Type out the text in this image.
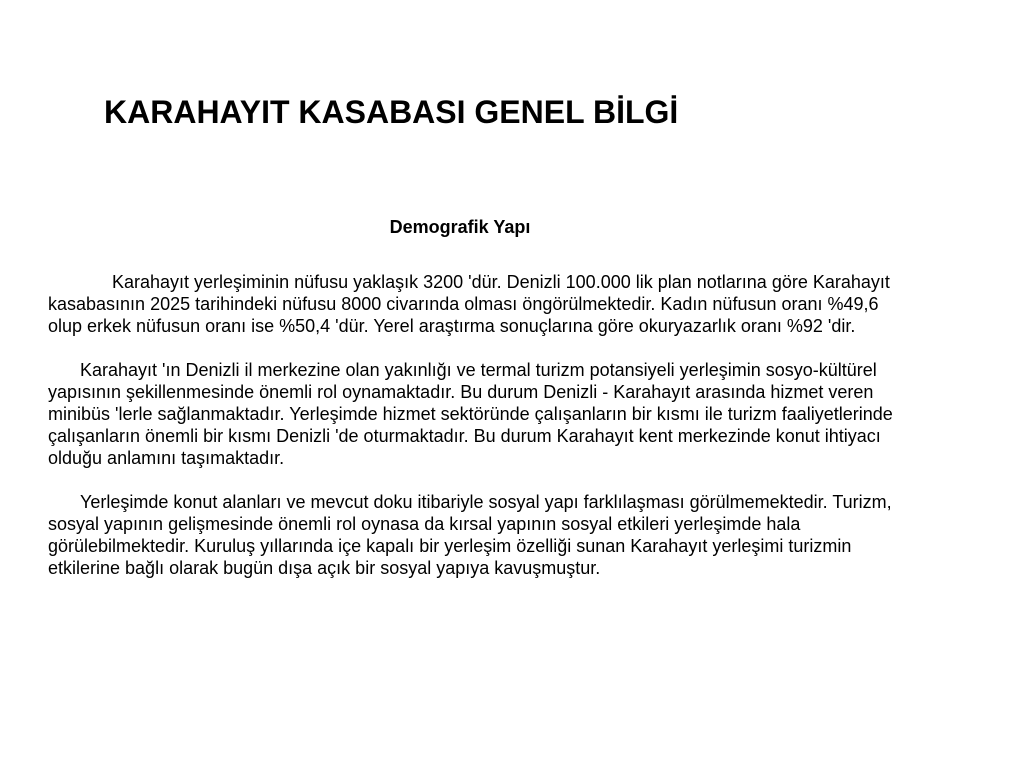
KARAHAYIT KASABASI GENEL BİLGİ
Demografik Yapı

Karahayıt yerleşiminin nüfusu yaklaşık 3200 'dür. Denizli 100.000 lik plan notlarına göre Karahayıt kasabasının 2025 tarihindeki nüfusu 8000 civarında olması öngörülmektedir. Kadın nüfusun oranı %49,6 olup erkek nüfusun oranı ise %50,4 'dür. Yerel araştırma sonuçlarına göre okuryazarlık oranı %92 'dir.

Karahayıt 'ın Denizli il merkezine olan yakınlığı ve termal turizm potansiyeli yerleşimin sosyo-kültürel yapısının şekillenmesinde önemli rol oynamaktadır. Bu durum Denizli - Karahayıt arasında hizmet veren minibüs 'lerle sağlanmaktadır. Yerleşimde hizmet sektöründe çalışanların bir kısmı ile turizm faaliyetlerinde çalışanların önemli bir kısmı Denizli 'de oturmaktadır. Bu durum Karahayıt kent merkezinde konut ihtiyacı olduğu anlamını taşımaktadır.

Yerleşimde konut alanları ve mevcut doku itibariyle sosyal yapı farklılaşması görülmemektedir. Turizm, sosyal yapının gelişmesinde önemli rol oynasa da kırsal yapının sosyal etkileri yerleşimde hala görülebilmektedir. Kuruluş yıllarında içe kapalı bir yerleşim özelliği sunan Karahayıt yerleşimi turizmin etkilerine bağlı olarak bugün dışa açık bir sosyal yapıya kavuşmuştur.
